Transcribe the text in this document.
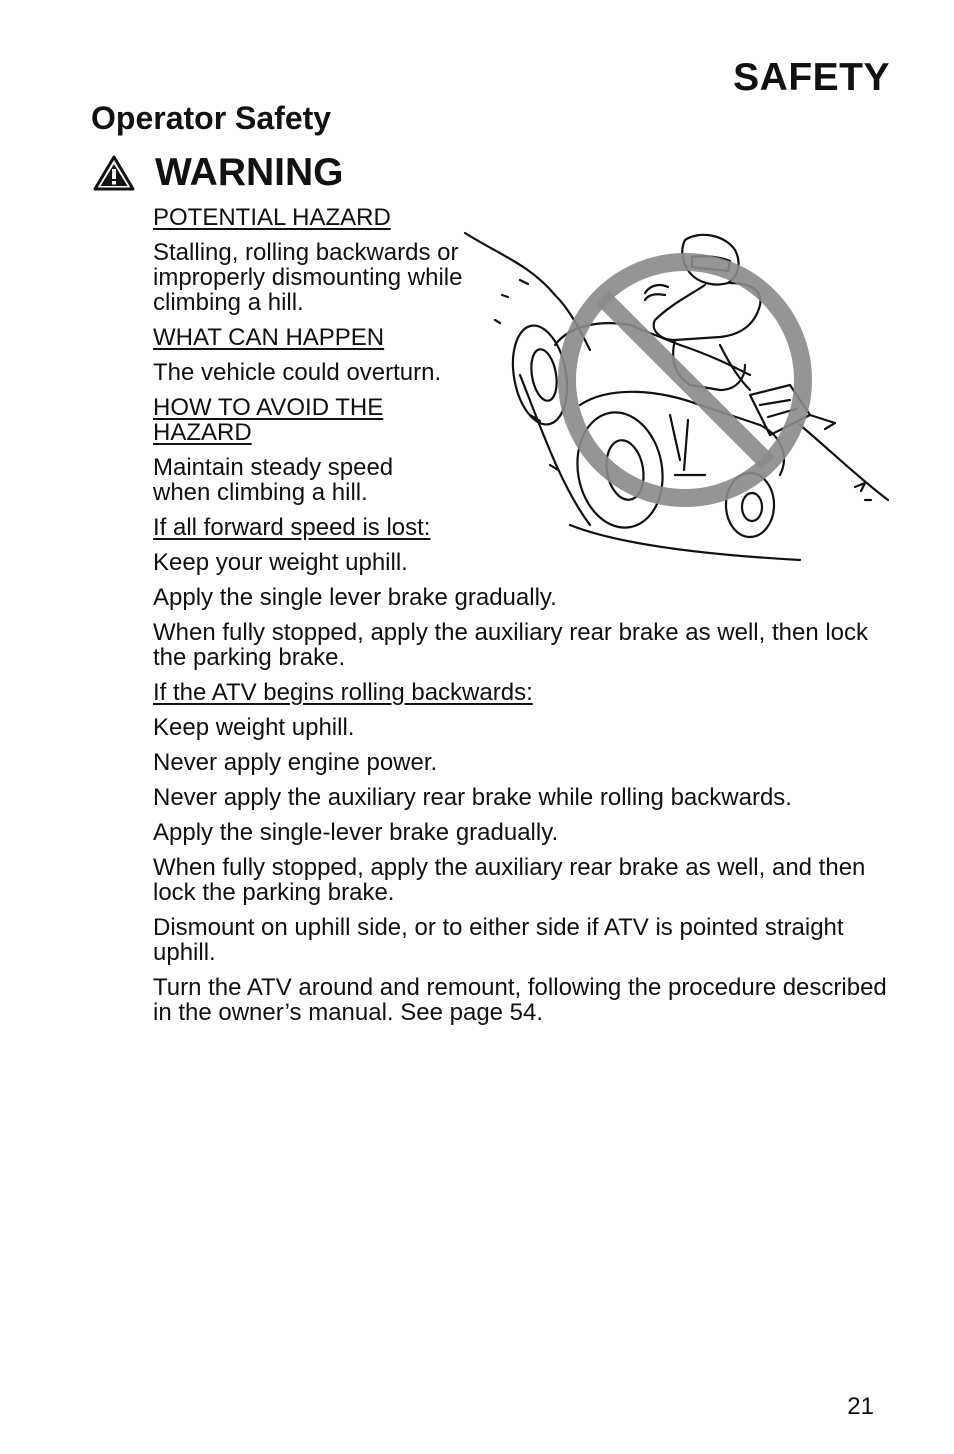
SAFETY
Operator Safety
WARNING

POTENTIAL HAZARD

Stalling, rolling backwards or improperly dismounting while climbing a hill.

WHAT CAN HAPPEN

The vehicle could overturn.

HOW TO AVOID THE HAZARD

Maintain steady speed when climbing a hill.

If all forward speed is lost:

Keep your weight uphill.

Apply the single lever brake gradually.

When fully stopped, apply the auxiliary rear brake as well, then lock the parking brake.

If the ATV begins rolling backwards:

Keep weight uphill.

Never apply engine power.

Never apply the auxiliary rear brake while rolling backwards.

Apply the single-lever brake gradually.

When fully stopped, apply the auxiliary rear brake as well, and then lock the parking brake.

Dismount on uphill side, or to either side if ATV is pointed straight uphill.

Turn the ATV around and remount, following the procedure described in the owner’s manual. See page 54.

21
